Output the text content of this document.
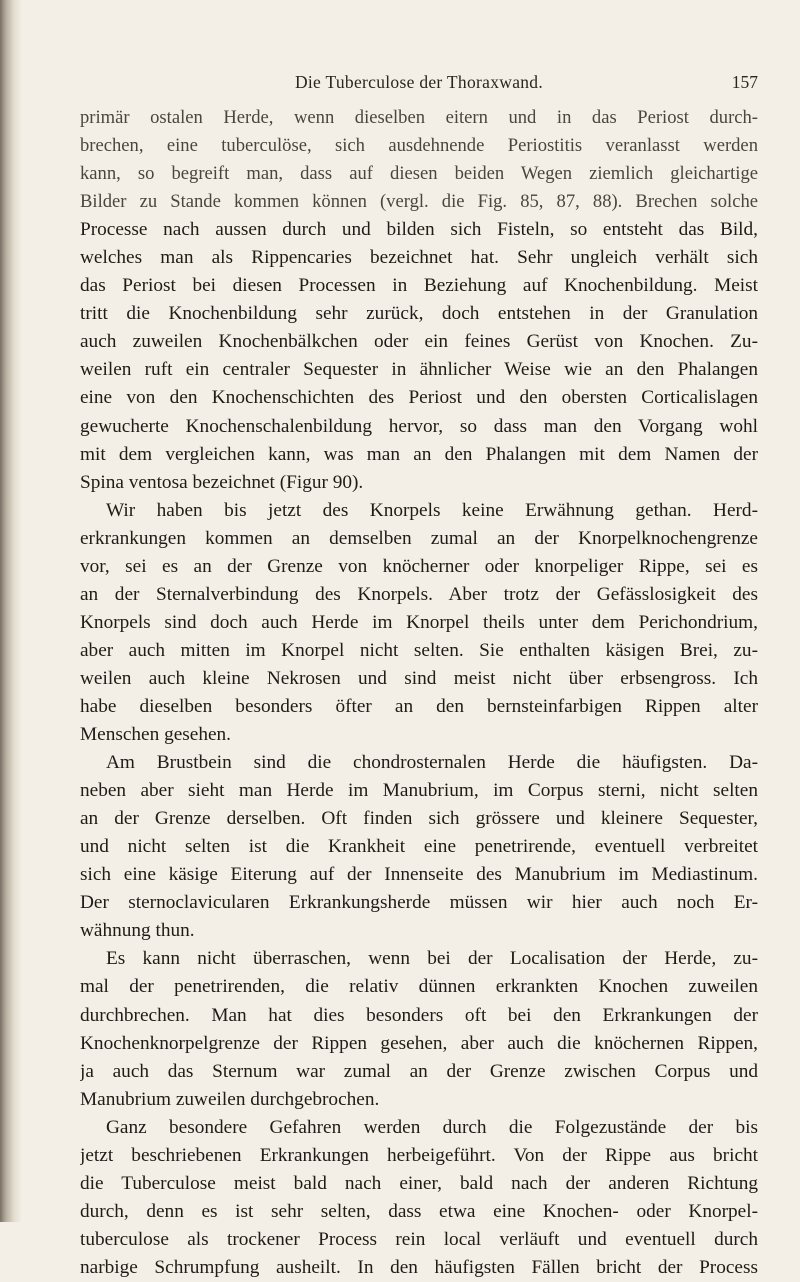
Die Tuberculose der Thoraxwand.	157
primär ostalen Herde, wenn dieselben eitern und in das Periost durch-
brechen, eine tuberculöse, sich ausdehnende Periostitis veranlasst werden
kann, so begreift man, dass auf diesen beiden Wegen ziemlich gleichartige
Bilder zu Stande kommen können (vergl. die Fig. 85, 87, 88). Brechen solche
Processe nach aussen durch und bilden sich Fisteln, so entsteht das Bild,
welches man als Rippencaries bezeichnet hat. Sehr ungleich verhält sich
das Periost bei diesen Processen in Beziehung auf Knochenbildung. Meist
tritt die Knochenbildung sehr zurück, doch entstehen in der Granulation
auch zuweilen Knochenbälkchen oder ein feines Gerüst von Knochen. Zu-
weilen ruft ein centraler Sequester in ähnlicher Weise wie an den Phalangen
eine von den Knochenschichten des Periost und den obersten Corticalislagen
gewucherte Knochenschalenbildung hervor, so dass man den Vorgang wohl
mit dem vergleichen kann, was man an den Phalangen mit dem Namen der
Spina ventosa bezeichnet (Figur 90).
Wir haben bis jetzt des Knorpels keine Erwähnung gethan. Herd-
erkrankungen kommen an demselben zumal an der Knorpelknochengrenze
vor, sei es an der Grenze von knöcherner oder knorpeliger Rippe, sei es
an der Sternalverbindung des Knorpels. Aber trotz der Gefässlosigkeit des
Knorpels sind doch auch Herde im Knorpel theils unter dem Perichondrium,
aber auch mitten im Knorpel nicht selten. Sie enthalten käsigen Brei, zu-
weilen auch kleine Nekrosen und sind meist nicht über erbsengross. Ich
habe dieselben besonders öfter an den bernsteinfarbigen Rippen alter
Menschen gesehen.
Am Brustbein sind die chondrosternalen Herde die häufigsten. Da-
neben aber sieht man Herde im Manubrium, im Corpus sterni, nicht selten
an der Grenze derselben. Oft finden sich grössere und kleinere Sequester,
und nicht selten ist die Krankheit eine penetrirende, eventuell verbreitet
sich eine käsige Eiterung auf der Innenseite des Manubrium im Mediastinum.
Der sternoclavicularen Erkrankungsherde müssen wir hier auch noch Er-
wähnung thun.
Es kann nicht überraschen, wenn bei der Localisation der Herde, zu-
mal der penetrirenden, die relativ dünnen erkrankten Knochen zuweilen
durchbrechen. Man hat dies besonders oft bei den Erkrankungen der
Knochenknorpelgrenze der Rippen gesehen, aber auch die knöchernen Rippen,
ja auch das Sternum war zumal an der Grenze zwischen Corpus und
Manubrium zuweilen durchgebrochen.
Ganz besondere Gefahren werden durch die Folgezustände der bis
jetzt beschriebenen Erkrankungen herbeigeführt. Von der Rippe aus bricht
die Tuberculose meist bald nach einer, bald nach der anderen Richtung
durch, denn es ist sehr selten, dass etwa eine Knochen- oder Knorpel-
tuberculose als trockener Process rein local verläuft und eventuell durch
narbige Schrumpfung ausheilt. In den häufigsten Fällen bricht der Process
